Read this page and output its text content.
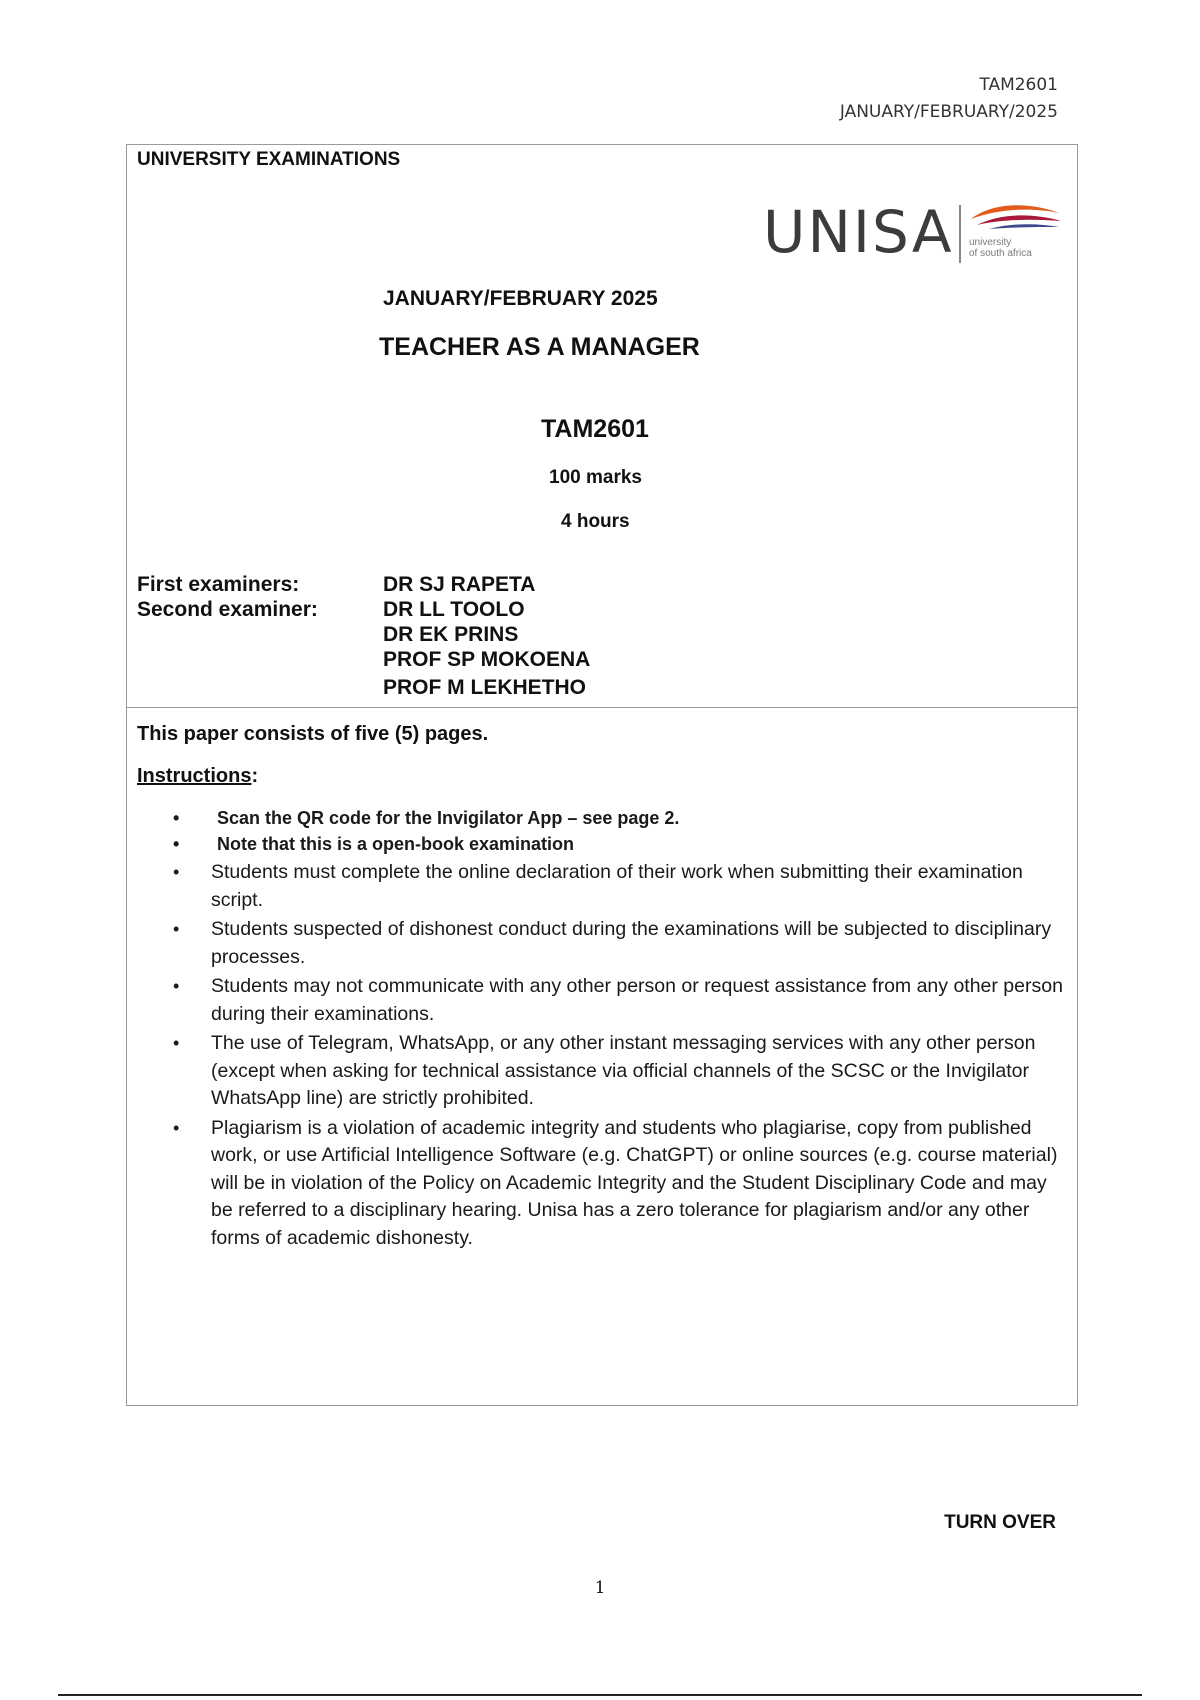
TAM2601
JANUARY/FEBRUARY/2025
UNIVERSITY EXAMINATIONS
UNISA university
of south africa
JANUARY/FEBRUARY 2025
TEACHER AS A MANAGER
TAM2601
100 marks
4 hours
First examiners:
Second examiner:
DR SJ RAPETA
DR LL TOOLO
DR EK PRINS
PROF SP MOKOENA
PROF M LEKHETHO
This paper consists of five (5) pages.
Instructions:
• Scan the QR code for the Invigilator App – see page 2.
• Note that this is a open-book examination
• Students must complete the online declaration of their work when submitting their examination script.
• Students suspected of dishonest conduct during the examinations will be subjected to disciplinary processes.
• Students may not communicate with any other person or request assistance from any other person during their examinations.
• The use of Telegram, WhatsApp, or any other instant messaging services with any other person (except when asking for technical assistance via official channels of the SCSC or the Invigilator WhatsApp line) are strictly prohibited.
• Plagiarism is a violation of academic integrity and students who plagiarise, copy from published work, or use Artificial Intelligence Software (e.g. ChatGPT) or online sources (e.g. course material) will be in violation of the Policy on Academic Integrity and the Student Disciplinary Code and may be referred to a disciplinary hearing. Unisa has a zero tolerance for plagiarism and/or any other forms of academic dishonesty.
TURN OVER
1
